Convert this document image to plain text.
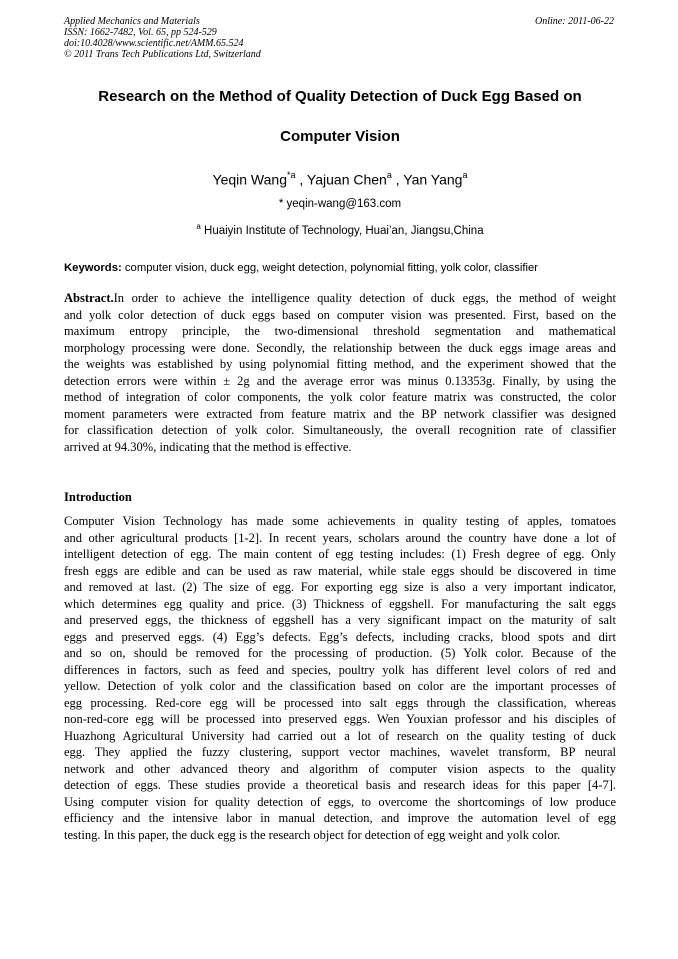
Applied Mechanics and Materials
ISSN: 1662-7482, Vol. 65, pp 524-529
doi:10.4028/www.scientific.net/AMM.65.524
© 2011 Trans Tech Publications Ltd, Switzerland
Online: 2011-06-22
Research on the Method of Quality Detection of Duck Egg Based on
Computer Vision
Yeqin Wang$^{*a}$ , Yajuan Chen$^a$ , Yan Yang$^a$
* yeqin-wang@163.com
$^a$ Huaiyin Institute of Technology, Huai’an, Jiangsu,China
Keywords: computer vision, duck egg, weight detection, polynomial fitting, yolk color, classifier
Abstract.In order to achieve the intelligence quality detection of duck eggs, the method of weight
and yolk color detection of duck eggs based on computer vision was presented. First, based on the
maximum entropy principle, the two-dimensional threshold segmentation and mathematical
morphology processing were done. Secondly, the relationship between the duck eggs image areas and
the weights was established by using polynomial fitting method, and the experiment showed that the
detection errors were within ± 2g and the average error was minus 0.13353g. Finally, by using the
method of integration of color components, the yolk color feature matrix was constructed, the color
moment parameters were extracted from feature matrix and the BP network classifier was designed
for classification detection of yolk color. Simultaneously, the overall recognition rate of classifier
arrived at 94.30%, indicating that the method is effective.
Introduction
Computer Vision Technology has made some achievements in quality testing of apples, tomatoes
and other agricultural products [1-2]. In recent years, scholars around the country have done a lot of
intelligent detection of egg. The main content of egg testing includes: (1) Fresh degree of egg. Only
fresh eggs are edible and can be used as raw material, while stale eggs should be discovered in time
and removed at last. (2) The size of egg. For exporting egg size is also a very important indicator,
which determines egg quality and price. (3) Thickness of eggshell. For manufacturing the salt eggs
and preserved eggs, the thickness of eggshell has a very significant impact on the maturity of salt
eggs and preserved eggs. (4) Egg’s defects. Egg’s defects, including cracks, blood spots and dirt
and so on, should be removed for the processing of production. (5) Yolk color. Because of the
differences in factors, such as feed and species, poultry yolk has different level colors of red and
yellow. Detection of yolk color and the classification based on color are the important processes of
egg processing. Red-core egg will be processed into salt eggs through the classification, whereas
non-red-core egg will be processed into preserved eggs. Wen Youxian professor and his disciples of
Huazhong Agricultural University had carried out a lot of research on the quality testing of duck
egg. They applied the fuzzy clustering, support vector machines, wavelet transform, BP neural
network and other advanced theory and algorithm of computer vision aspects to the quality
detection of eggs. These studies provide a theoretical basis and research ideas for this paper [4-7].
Using computer vision for quality detection of eggs, to overcome the shortcomings of low produce
efficiency and the intensive labor in manual detection, and improve the automation level of egg
testing. In this paper, the duck egg is the research object for detection of egg weight and yolk color.
